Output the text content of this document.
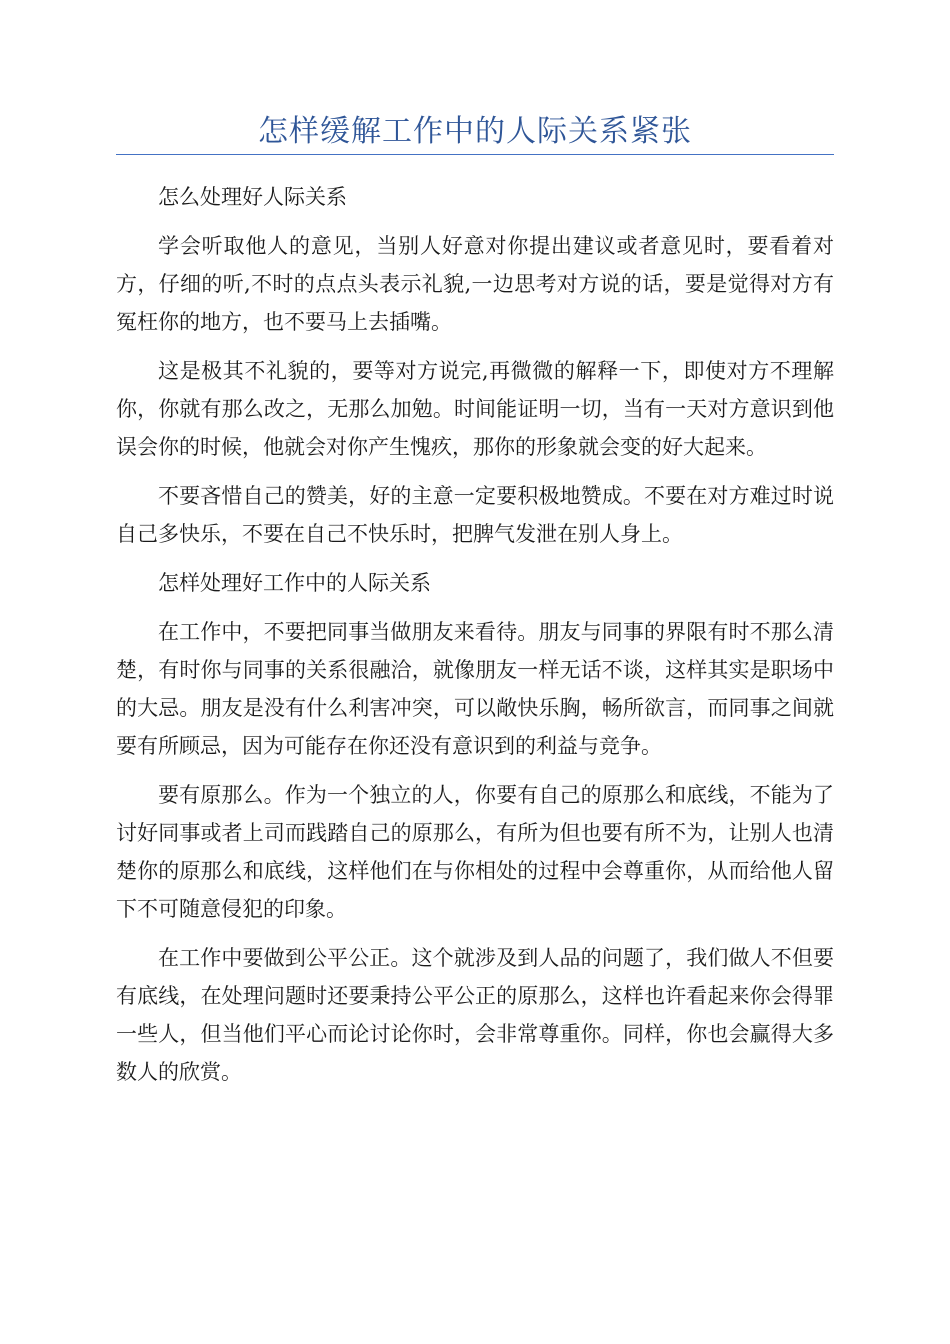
怎样缓解工作中的人际关系紧张

怎么处理好人际关系

学会听取他人的意见，当别人好意对你提出建议或者意见时，要看着对方，仔细的听,不时的点点头表示礼貌,一边思考对方说的话，要是觉得对方有冤枉你的地方，也不要马上去插嘴。

这是极其不礼貌的，要等对方说完,再微微的解释一下，即使对方不理解你，你就有那么改之，无那么加勉。时间能证明一切，当有一天对方意识到他误会你的时候，他就会对你产生愧疚，那你的形象就会变的好大起来。

不要吝惜自己的赞美，好的主意一定要积极地赞成。不要在对方难过时说自己多快乐，不要在自己不快乐时，把脾气发泄在别人身上。

怎样处理好工作中的人际关系

在工作中，不要把同事当做朋友来看待。朋友与同事的界限有时不那么清楚，有时你与同事的关系很融洽，就像朋友一样无话不谈，这样其实是职场中的大忌。朋友是没有什么利害冲突，可以敞快乐胸，畅所欲言，而同事之间就要有所顾忌，因为可能存在你还没有意识到的利益与竞争。

要有原那么。作为一个独立的人，你要有自己的原那么和底线，不能为了讨好同事或者上司而践踏自己的原那么，有所为但也要有所不为，让别人也清楚你的原那么和底线，这样他们在与你相处的过程中会尊重你，从而给他人留下不可随意侵犯的印象。

在工作中要做到公平公正。这个就涉及到人品的问题了，我们做人不但要有底线，在处理问题时还要秉持公平公正的原那么，这样也许看起来你会得罪一些人，但当他们平心而论讨论你时，会非常尊重你。同样，你也会赢得大多数人的欣赏。
